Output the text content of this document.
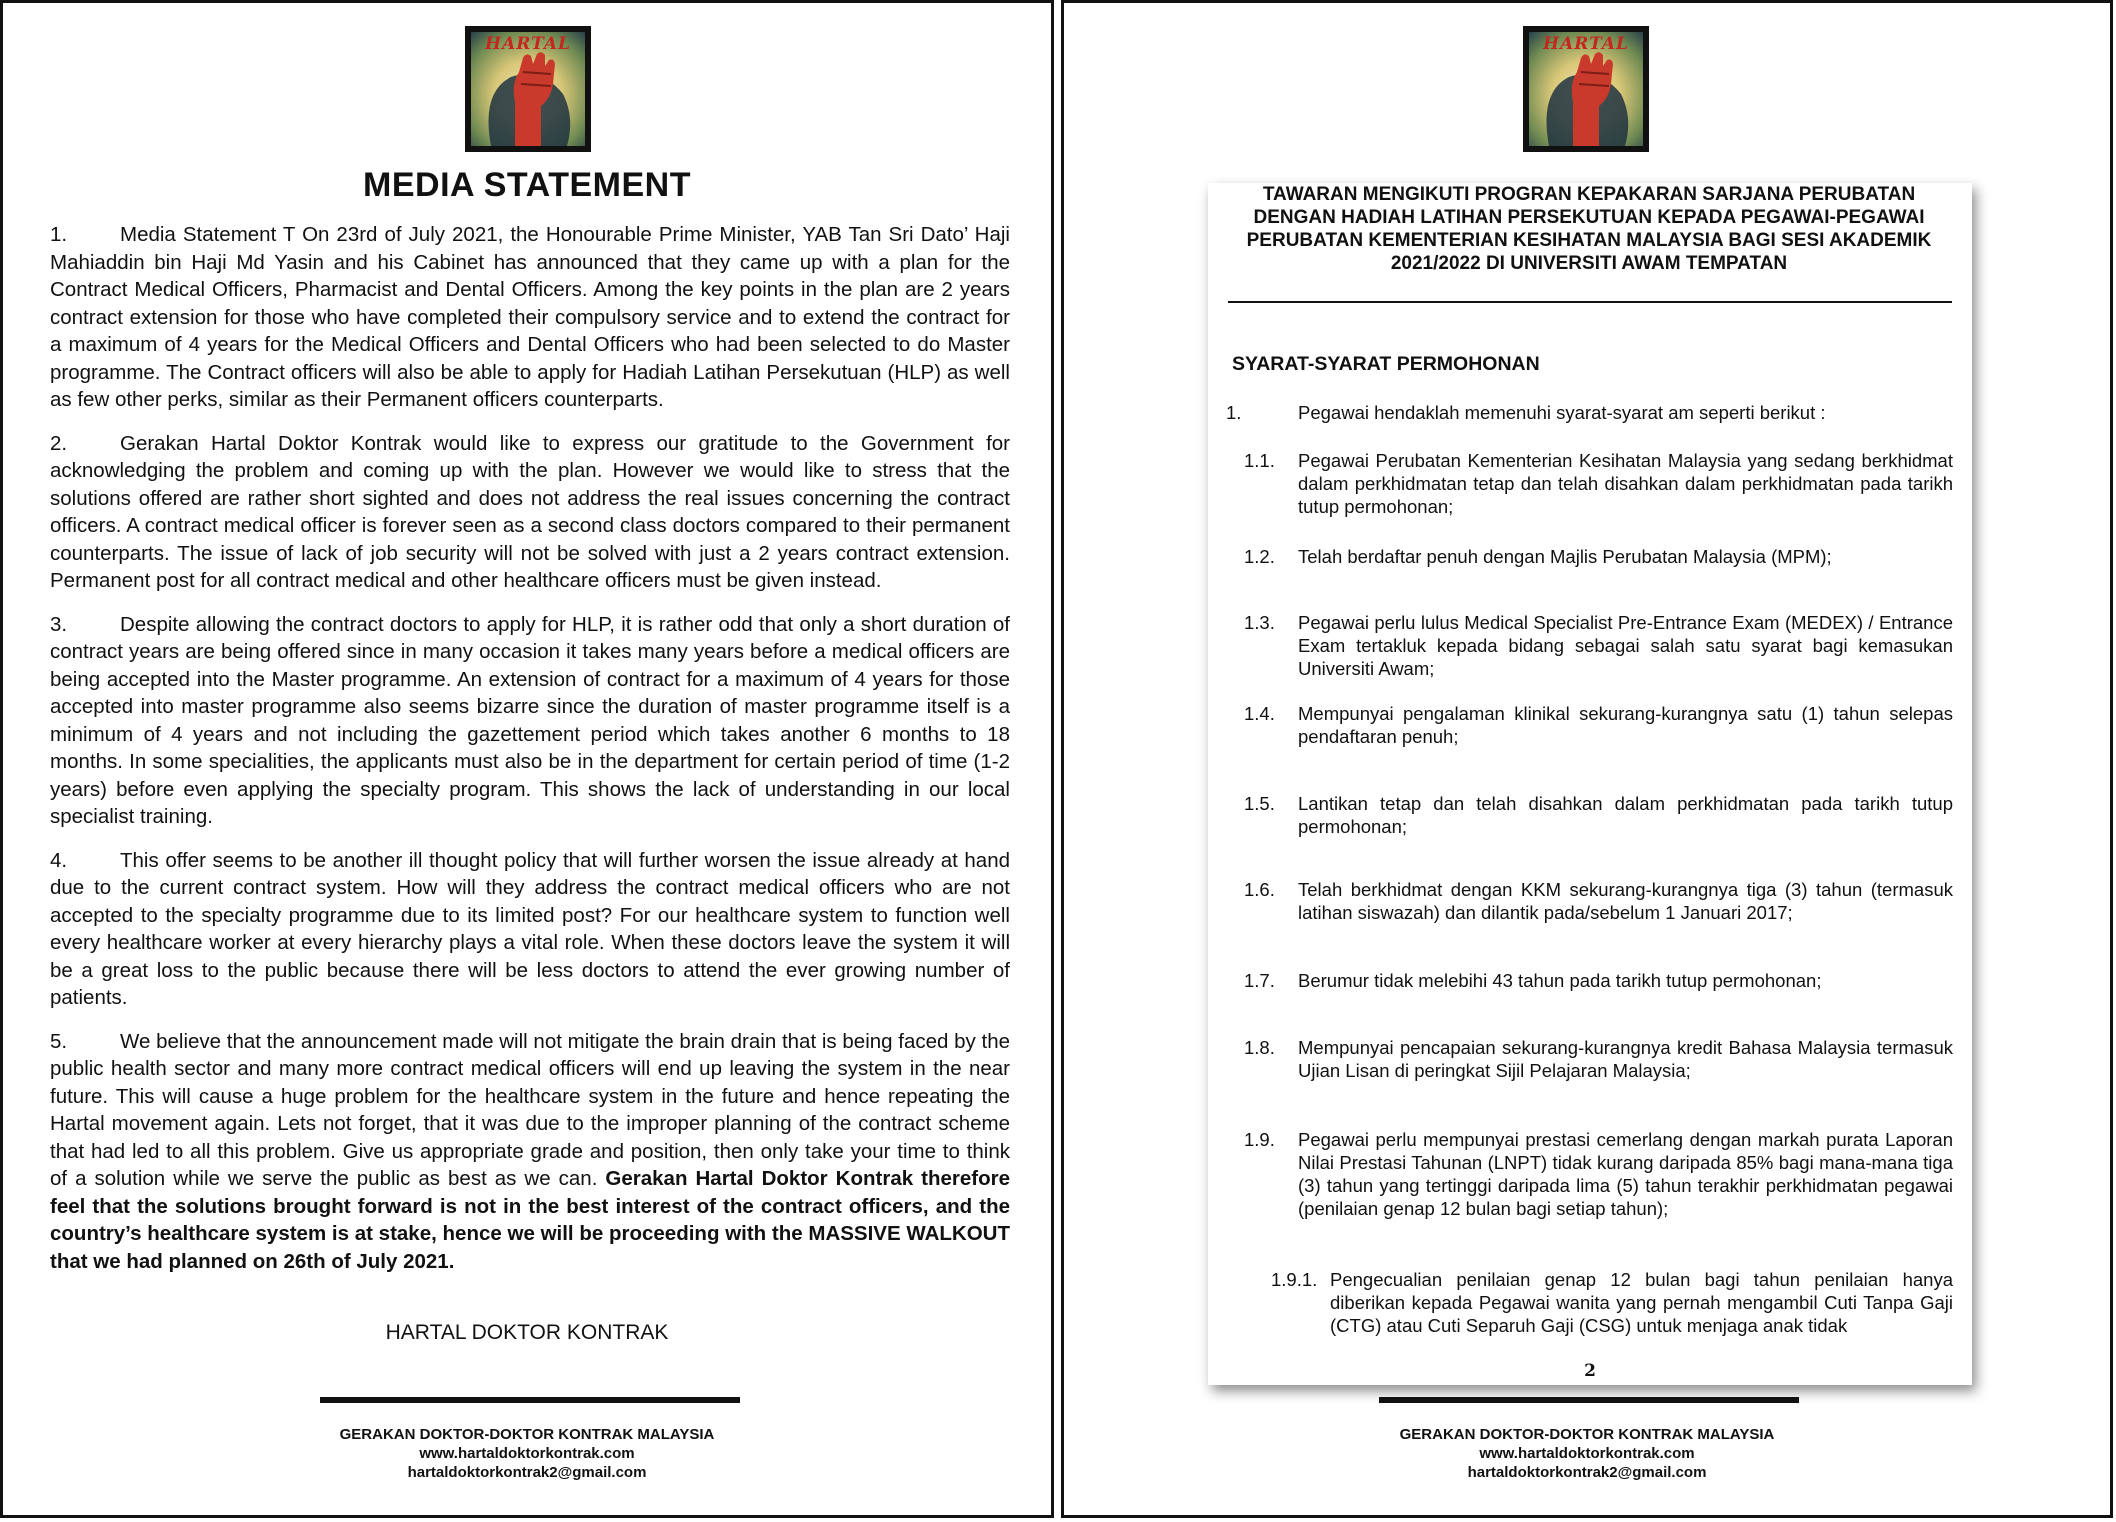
HARTAL
MEDIA STATEMENT

1.	Media Statement T On 23rd of July 2021, the Honourable Prime Minister, YAB Tan Sri Dato’ Haji Mahiaddin bin Haji Md Yasin and his Cabinet has announced that they came up with a plan for the Contract Medical Officers, Pharmacist and Dental Officers. Among the key points in the plan are 2 years contract extension for those who have completed their compulsory service and to extend the contract for a maximum of 4 years for the Medical Officers and Dental Officers who had been selected to do Master programme. The Contract officers will also be able to apply for Hadiah Latihan Persekutuan (HLP) as well as few other perks, similar as their Permanent officers counterparts.

2.	Gerakan Hartal Doktor Kontrak would like to express our gratitude to the Government for acknowledging the problem and coming up with the plan. However we would like to stress that the solutions offered are rather short sighted and does not address the real issues concerning the contract officers. A contract medical officer is forever seen as a second class doctors compared to their permanent counterparts. The issue of lack of job security will not be solved with just a 2 years contract extension. Permanent post for all contract medical and other healthcare officers must be given instead.

3.	Despite allowing the contract doctors to apply for HLP, it is rather odd that only a short duration of contract years are being offered since in many occasion it takes many years before a medical officers are being accepted into the Master programme. An extension of contract for a maximum of 4 years for those accepted into master programme also seems bizarre since the duration of master programme itself is a minimum of 4 years and not including the gazettement period which takes another 6 months to 18 months. In some specialities, the applicants must also be in the department for certain period of time (1-2 years) before even applying the specialty program. This shows the lack of understanding in our local specialist training.

4.	This offer seems to be another ill thought policy that will further worsen the issue already at hand due to the current contract system. How will they address the contract medical officers who are not accepted to the specialty programme due to its limited post? For our healthcare system to function well every healthcare worker at every hierarchy plays a vital role. When these doctors leave the system it will be a great loss to the public because there will be less doctors to attend the ever growing number of patients.

5.	We believe that the announcement made will not mitigate the brain drain that is being faced by the public health sector and many more contract medical officers will end up leaving the system in the near future. This will cause a huge problem for the healthcare system in the future and hence repeating the Hartal movement again. Lets not forget, that it was due to the improper planning of the contract scheme that had led to all this problem. Give us appropriate grade and position, then only take your time to think of a solution while we serve the public as best as we can. Gerakan Hartal Doktor Kontrak therefore feel that the solutions brought forward is not in the best interest of the contract officers, and the country’s healthcare system is at stake, hence we will be proceeding with the MASSIVE WALKOUT that we had planned on 26th of July 2021.

HARTAL DOKTOR KONTRAK
GERAKAN DOKTOR-DOKTOR KONTRAK MALAYSIA
www.hartaldoktorkontrak.com
hartaldoktorkontrak2@gmail.com
HARTAL
TAWARAN MENGIKUTI PROGRAN KEPAKARAN SARJANA PERUBATAN DENGAN HADIAH LATIHAN PERSEKUTUAN KEPADA PEGAWAI-PEGAWAI PERUBATAN KEMENTERIAN KESIHATAN MALAYSIA BAGI SESI AKADEMIK 2021/2022 DI UNIVERSITI AWAM TEMPATAN
SYARAT-SYARAT PERMOHONAN
1.	Pegawai hendaklah memenuhi syarat-syarat am seperti berikut :
1.1. Pegawai Perubatan Kementerian Kesihatan Malaysia yang sedang berkhidmat dalam perkhidmatan tetap dan telah disahkan dalam perkhidmatan pada tarikh tutup permohonan;
1.2. Telah berdaftar penuh dengan Majlis Perubatan Malaysia (MPM);
1.3. Pegawai perlu lulus Medical Specialist Pre-Entrance Exam (MEDEX) / Entrance Exam tertakluk kepada bidang sebagai salah satu syarat bagi kemasukan Universiti Awam;
1.4. Mempunyai pengalaman klinikal sekurang-kurangnya satu (1) tahun selepas pendaftaran penuh;
1.5. Lantikan tetap dan telah disahkan dalam perkhidmatan pada tarikh tutup permohonan;
1.6. Telah berkhidmat dengan KKM sekurang-kurangnya tiga (3) tahun (termasuk latihan siswazah) dan dilantik pada/sebelum 1 Januari 2017;
1.7. Berumur tidak melebihi 43 tahun pada tarikh tutup permohonan;
1.8. Mempunyai pencapaian sekurang-kurangnya kredit Bahasa Malaysia termasuk Ujian Lisan di peringkat Sijil Pelajaran Malaysia;
1.9. Pegawai perlu mempunyai prestasi cemerlang dengan markah purata Laporan Nilai Prestasi Tahunan (LNPT) tidak kurang daripada 85% bagi mana-mana tiga (3) tahun yang tertinggi daripada lima (5) tahun terakhir perkhidmatan pegawai (penilaian genap 12 bulan bagi setiap tahun);
1.9.1. Pengecualian penilaian genap 12 bulan bagi tahun penilaian hanya diberikan kepada Pegawai wanita yang pernah mengambil Cuti Tanpa Gaji (CTG) atau Cuti Separuh Gaji (CSG) untuk menjaga anak tidak
2
GERAKAN DOKTOR-DOKTOR KONTRAK MALAYSIA
www.hartaldoktorkontrak.com
hartaldoktorkontrak2@gmail.com
